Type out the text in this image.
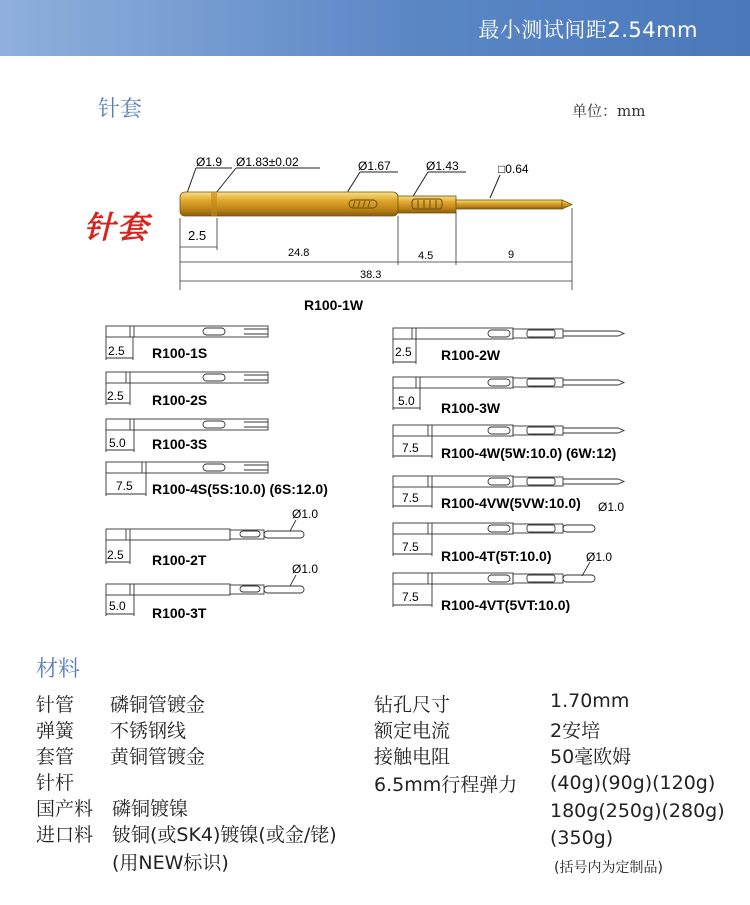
最小测试间距2.54mm
针套	单位：mm
针套
Ø1.9 Ø1.83±0.02	Ø1.67	Ø1.43	□0.64
2.5
24.8	4.5	9
38.3
R100-1W
2.5 R100-1S
2.5 R100-2S
5.0 R100-3S
7.5 R100-4S(5S:10.0) (6S:12.0)
Ø1.0
2.5 R100-2T
Ø1.0
5.0 R100-3T
2.5 R100-2W
5.0 R100-3W
7.5 R100-4W(5W:10.0) (6W:12)
7.5 R100-4VW(5VW:10.0) Ø1.0
7.5
R100-4T(5T:10.0)	Ø1.0
7.5 R100-4VT(5VT:10.0)
材料
针管 磷铜管镀金
弹簧 不锈钢线
套管 黄铜管镀金
针杆
国产料 磷铜镀镍
进口料 铍铜(或SK4)镀镍(或金/铑)
(用NEW标识)
钻孔尺寸	1.70mm
额定电流	2安培
接触电阻	50毫欧姆
6.5mm行程弹力 (40g)(90g)(120g)
180g(250g)(280g)
(350g)
(括号内为定制品)
